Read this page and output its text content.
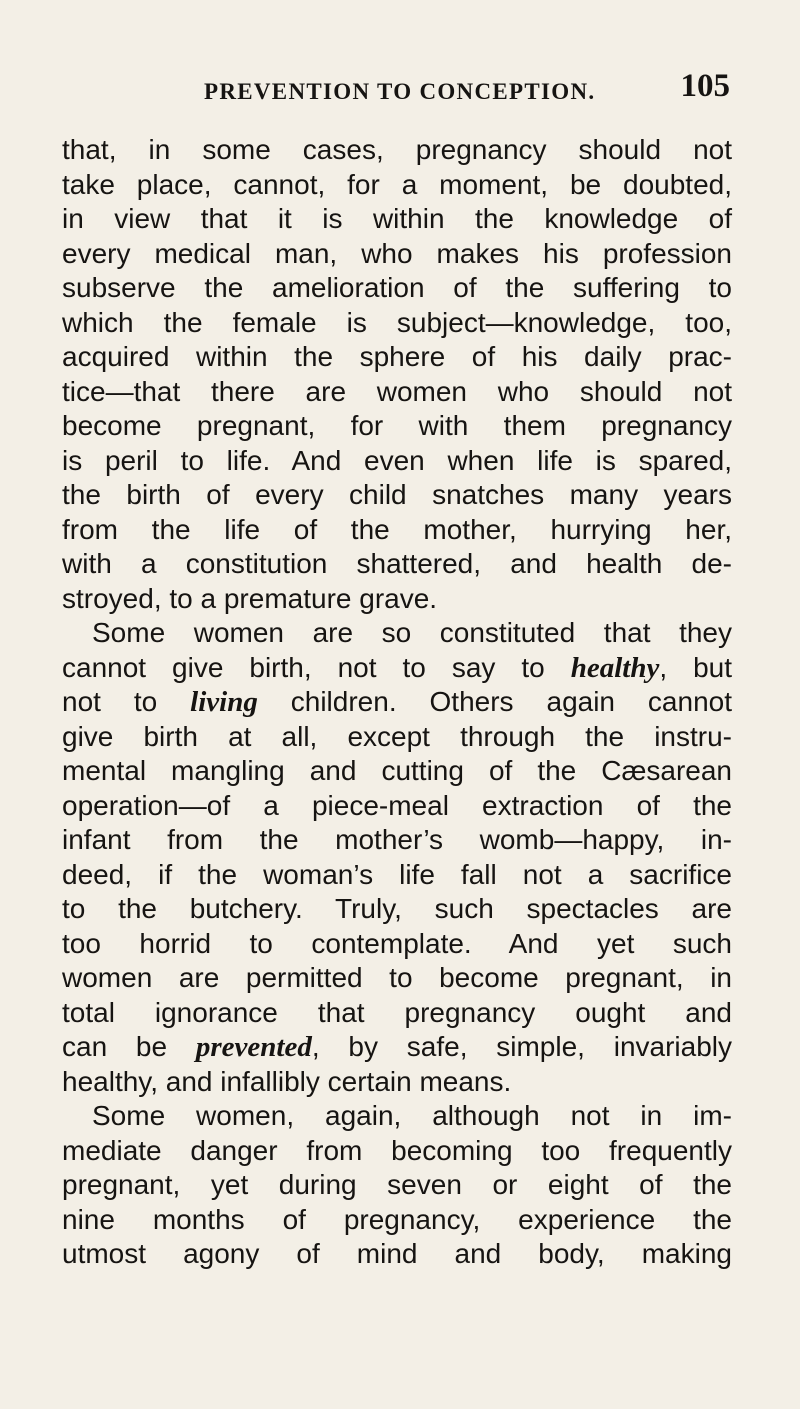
PREVENTION TO CONCEPTION.	105
that, in some cases, pregnancy should not
take place, cannot, for a moment, be doubted,
in view that it is within the knowledge of
every medical man, who makes his profession
subserve the amelioration of the suffering to
which the female is subject—knowledge, too,
acquired within the sphere of his daily prac-
tice—that there are women who should not
become pregnant, for with them pregnancy
is peril to life. And even when life is spared,
the birth of every child snatches many years
from the life of the mother, hurrying her,
with a constitution shattered, and health de-
stroyed, to a premature grave.
Some women are so constituted that they
cannot give birth, not to say to healthy, but
not to living children. Others again cannot
give birth at all, except through the instru-
mental mangling and cutting of the Cæsarean
operation—of a piece-meal extraction of the
infant from the mother’s womb—happy, in-
deed, if the woman’s life fall not a sacrifice
to the butchery. Truly, such spectacles are
too horrid to contemplate. And yet such
women are permitted to become pregnant, in
total ignorance that pregnancy ought and
can be prevented, by safe, simple, invariably
healthy, and infallibly certain means.
Some women, again, although not in im-
mediate danger from becoming too frequently
pregnant, yet during seven or eight of the
nine months of pregnancy, experience the
utmost agony of mind and body, making
